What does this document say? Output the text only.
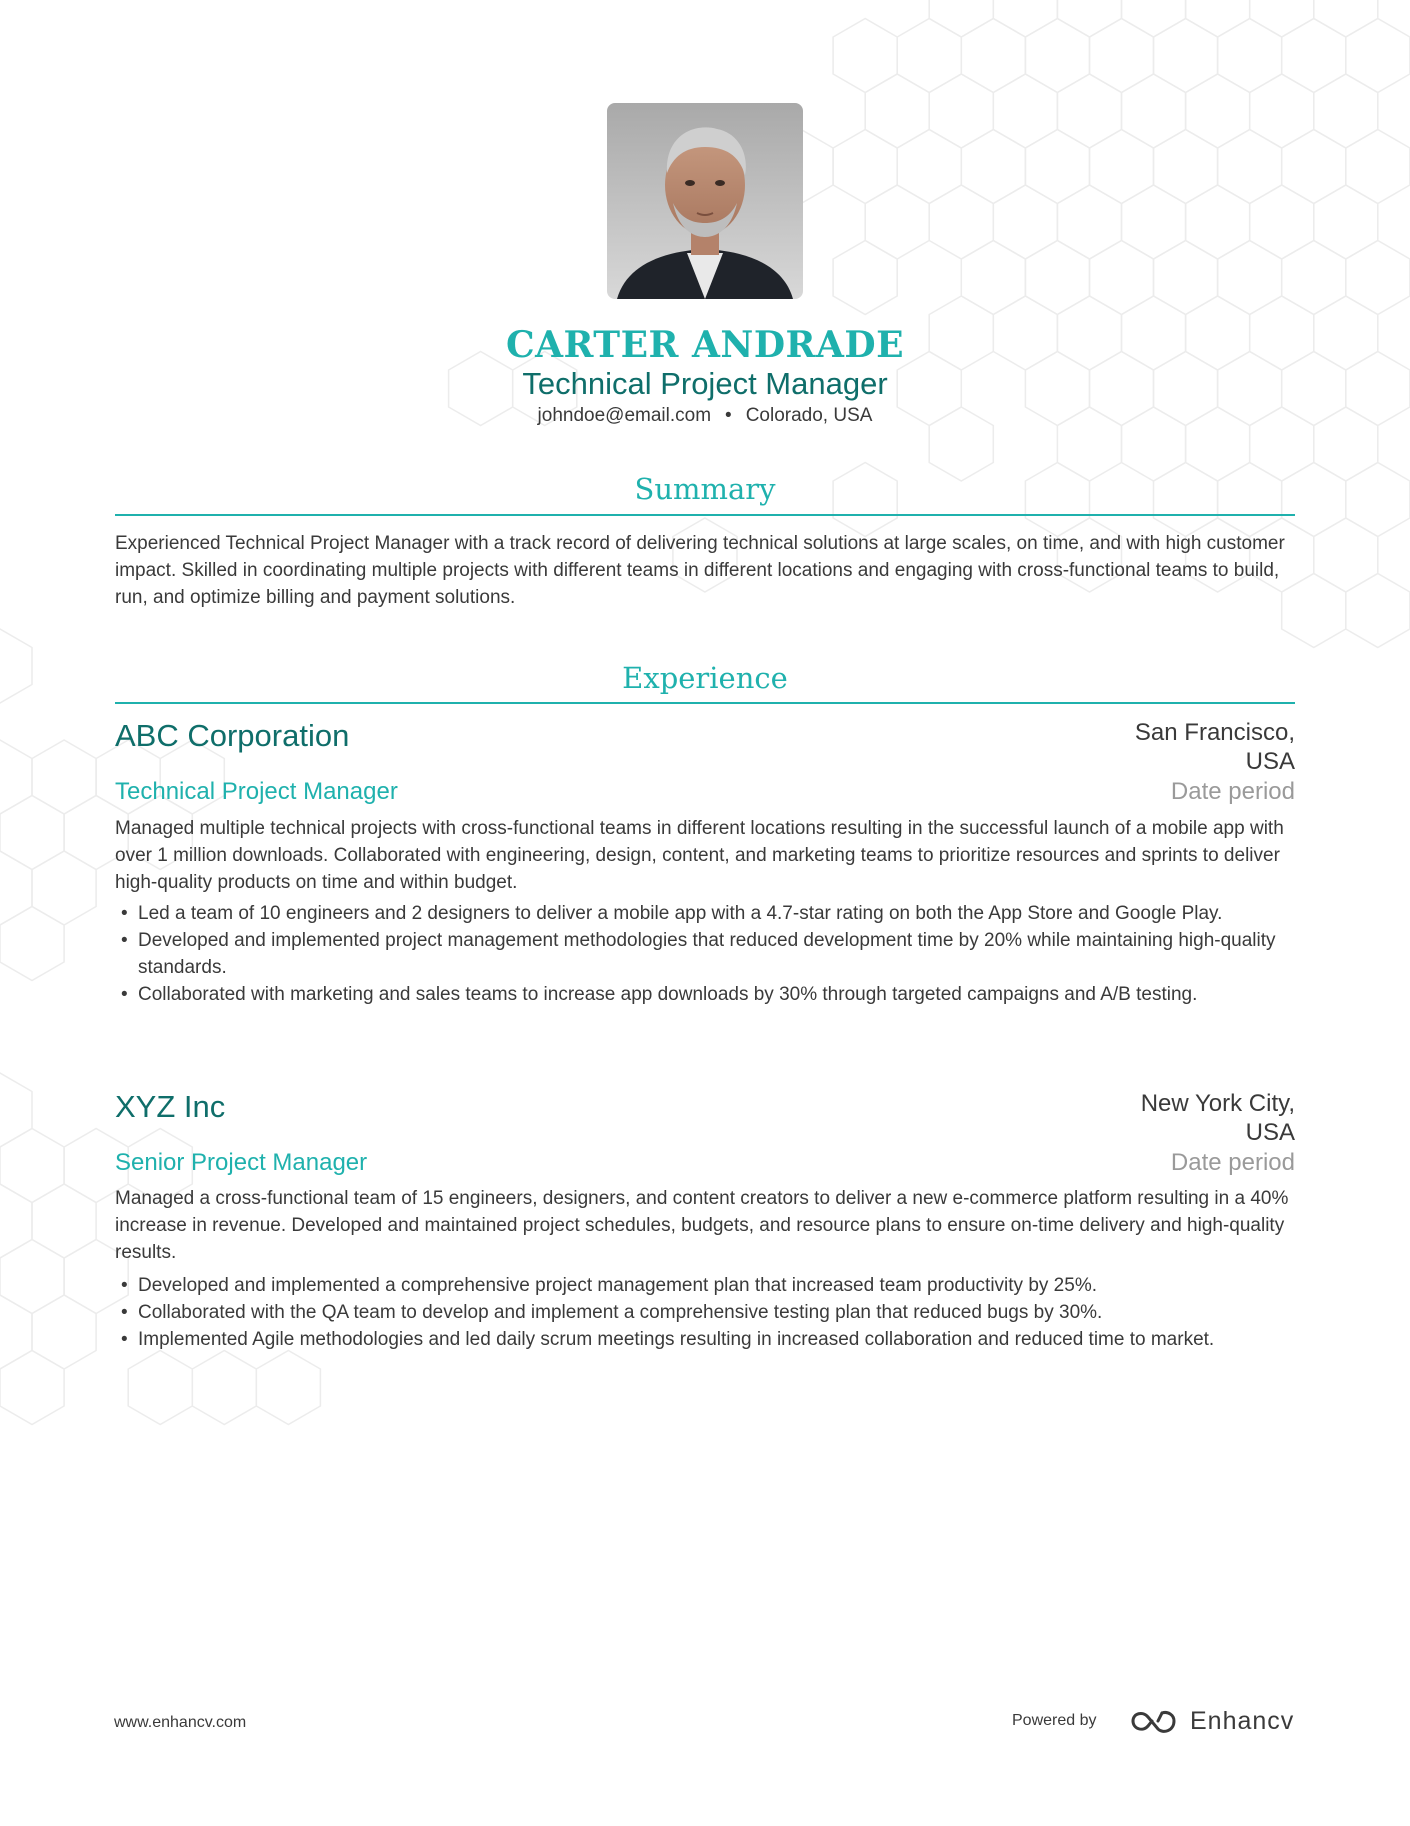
CARTER ANDRADE
Technical Project Manager
johndoe@email.com • Colorado, USA
Summary
Experienced Technical Project Manager with a track record of delivering technical solutions at large scales, on time, and with high customer impact. Skilled in coordinating multiple projects with different teams in different locations and engaging with cross-functional teams to build, run, and optimize billing and payment solutions.
Experience
ABC Corporation	San Francisco,
USA
Technical Project Manager	Date period
Managed multiple technical projects with cross-functional teams in different locations resulting in the successful launch of a mobile app with over 1 million downloads. Collaborated with engineering, design, content, and marketing teams to prioritize resources and sprints to deliver high-quality products on time and within budget.
• Led a team of 10 engineers and 2 designers to deliver a mobile app with a 4.7-star rating on both the App Store and Google Play.
• Developed and implemented project management methodologies that reduced development time by 20% while maintaining high-quality standards.
• Collaborated with marketing and sales teams to increase app downloads by 30% through targeted campaigns and A/B testing.
XYZ Inc	New York City,
USA
Senior Project Manager	Date period
Managed a cross-functional team of 15 engineers, designers, and content creators to deliver a new e-commerce platform resulting in a 40% increase in revenue. Developed and maintained project schedules, budgets, and resource plans to ensure on-time delivery and high-quality results.
• Developed and implemented a comprehensive project management plan that increased team productivity by 25%.
• Collaborated with the QA team to develop and implement a comprehensive testing plan that reduced bugs by 30%.
• Implemented Agile methodologies and led daily scrum meetings resulting in increased collaboration and reduced time to market.
www.enhancv.com	Powered by	Enhancv
